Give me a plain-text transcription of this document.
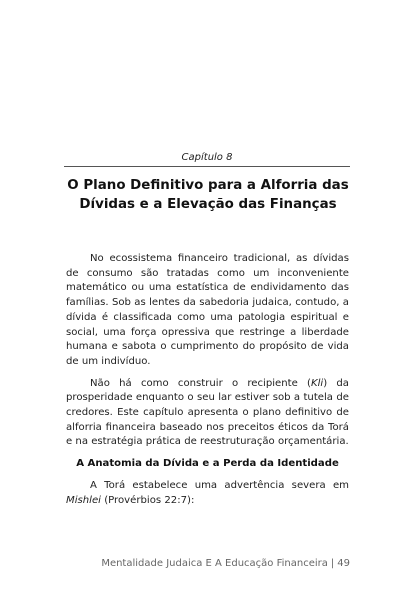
Capítulo 8
O Plano Definitivo para a Alforria das Dívidas e a Elevação das Finanças

No ecossistema financeiro tradicional, as dívidas de consumo são tratadas como um inconveniente matemático ou uma estatística de endividamento das famílias. Sob as lentes da sabedoria judaica, contudo, a dívida é classificada como uma patologia espiritual e social, uma força opressiva que restringe a liberdade humana e sabota o cumprimento do propósito de vida de um indivíduo.

Não há como construir o recipiente (Kli) da prosperidade enquanto o seu lar estiver sob a tutela de credores. Este capítulo apresenta o plano definitivo de alforria financeira baseado nos preceitos éticos da Torá e na estratégia prática de reestruturação orçamentária.

A Anatomia da Dívida e a Perda da Identidade

A Torá estabelece uma advertência severa em Mishlei (Provérbios 22:7):

Mentalidade Judaica E A Educação Financeira | 49
